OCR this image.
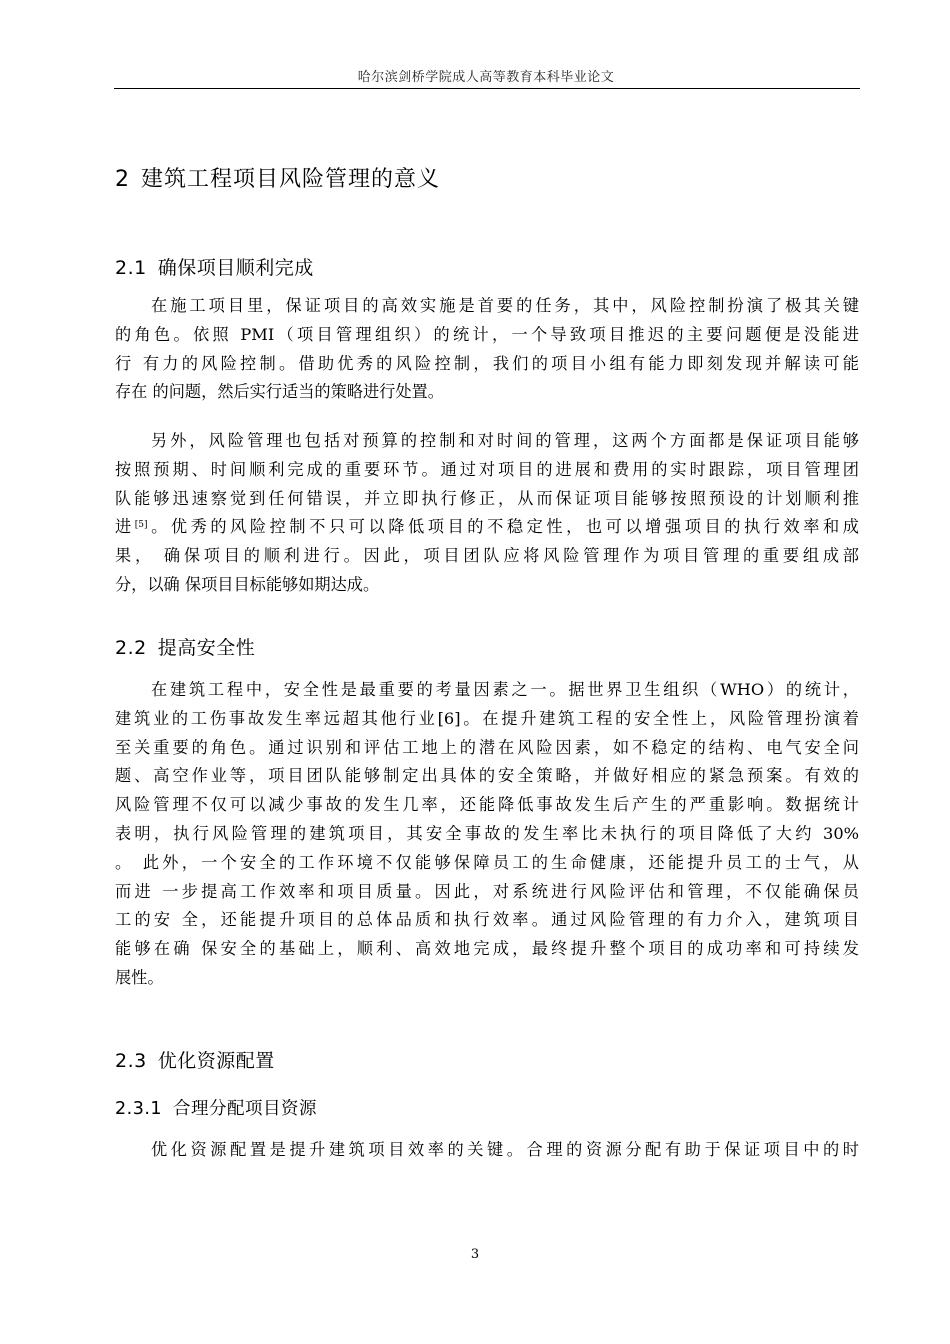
哈尔滨剑桥学院成人高等教育本科毕业论文
2 建筑工程项目风险管理的意义
2.1 确保项目顺利完成
在施工项目里，保证项目的高效实施是首要的任务，其中，风险控制扮演了极其关键
的角色。依照 PMI（项目管理组织）的统计，一个导致项目推迟的主要问题便是没能进
行 有力的风险控制。借助优秀的风险控制，我们的项目小组有能力即刻发现并解读可能
存在 的问题，然后实行适当的策略进行处置。
另外，风险管理也包括对预算的控制和对时间的管理，这两个方面都是保证项目能够
按照预期、时间顺利完成的重要环节。通过对项目的进展和费用的实时跟踪，项目管理团
队能够迅速察觉到任何错误，并立即执行修正，从而保证项目能够按照预设的计划顺利推
进[5]。优秀的风险控制不只可以降低项目的不稳定性，也可以增强项目的执行效率和成
果， 确保项目的顺利进行。因此，项目团队应将风险管理作为项目管理的重要组成部
分，以确 保项目目标能够如期达成。
2.2 提高安全性
在建筑工程中，安全性是最重要的考量因素之一。据世界卫生组织（WHO）的统计，
建筑业的工伤事故发生率远超其他行业[6]。在提升建筑工程的安全性上，风险管理扮演着
至关重要的角色。通过识别和评估工地上的潜在风险因素，如不稳定的结构、电气安全问
题、高空作业等，项目团队能够制定出具体的安全策略，并做好相应的紧急预案。有效的
风险管理不仅可以减少事故的发生几率，还能降低事故发生后产生的严重影响。数据统计
表明，执行风险管理的建筑项目，其安全事故的发生率比未执行的项目降低了大约 30%
。 此外，一个安全的工作环境不仅能够保障员工的生命健康，还能提升员工的士气，从
而进 一步提高工作效率和项目质量。因此，对系统进行风险评估和管理，不仅能确保员
工的安 全，还能提升项目的总体品质和执行效率。通过风险管理的有力介入，建筑项目
能够在确 保安全的基础上，顺利、高效地完成，最终提升整个项目的成功率和可持续发
展性。
2.3 优化资源配置
2.3.1 合理分配项目资源
优化资源配置是提升建筑项目效率的关键。合理的资源分配有助于保证项目中的时
3
